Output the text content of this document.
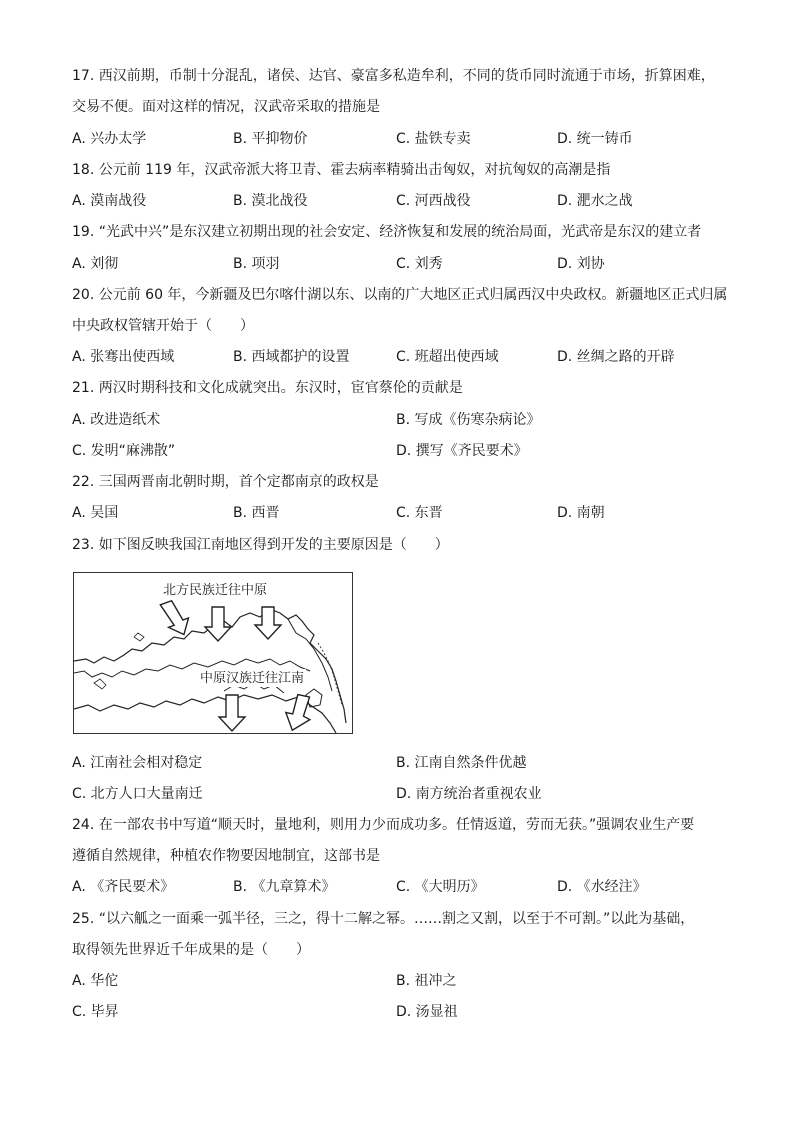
17. 西汉前期，币制十分混乱，诸侯、达官、豪富多私造牟利，不同的货币同时流通于市场，折算困难，
交易不便。面对这样的情况，汉武帝采取的措施是
A. 兴办太学	B. 平抑物价	C. 盐铁专卖	D. 统一铸币
18. 公元前 119 年，汉武帝派大将卫青、霍去病率精骑出击匈奴，对抗匈奴的高潮是指
A. 漠南战役	B. 漠北战役	C. 河西战役	D. 淝水之战
19. “光武中兴”是东汉建立初期出现的社会安定、经济恢复和发展的统治局面，光武帝是东汉的建立者
A. 刘彻	B. 项羽	C. 刘秀	D. 刘协
20. 公元前 60 年，今新疆及巴尔喀什湖以东、以南的广大地区正式归属西汉中央政权。新疆地区正式归属
中央政权管辖开始于（　　）
A. 张骞出使西域	B. 西域都护的设置	C. 班超出使西域	D. 丝绸之路的开辟
21. 两汉时期科技和文化成就突出。东汉时，宦官蔡伦的贡献是
A. 改进造纸术	B. 写成《伤寒杂病论》
C. 发明“麻沸散”	D. 撰写《齐民要术》
22. 三国两晋南北朝时期，首个定都南京的政权是
A. 吴国	B. 西晋	C. 东晋	D. 南朝
23. 如下图反映我国江南地区得到开发的主要原因是（　　）
北方民族迁往中原
中原汉族迁往江南
A. 江南社会相对稳定	B. 江南自然条件优越
C. 北方人口大量南迁	D. 南方统治者重视农业
24. 在一部农书中写道“顺天时，量地利，则用力少而成功多。任情返道，劳而无获。”强调农业生产要
遵循自然规律，种植农作物要因地制宜，这部书是
A. 《齐民要术》	B. 《九章算术》	C. 《大明历》	D. 《水经注》
25. “以六觚之一面乘一弧半径，三之，得十二解之幂。……割之又割，以至于不可割。”以此为基础，
取得领先世界近千年成果的是（　　）
A. 华佗	B. 祖冲之
C. 毕昇	D. 汤显祖
